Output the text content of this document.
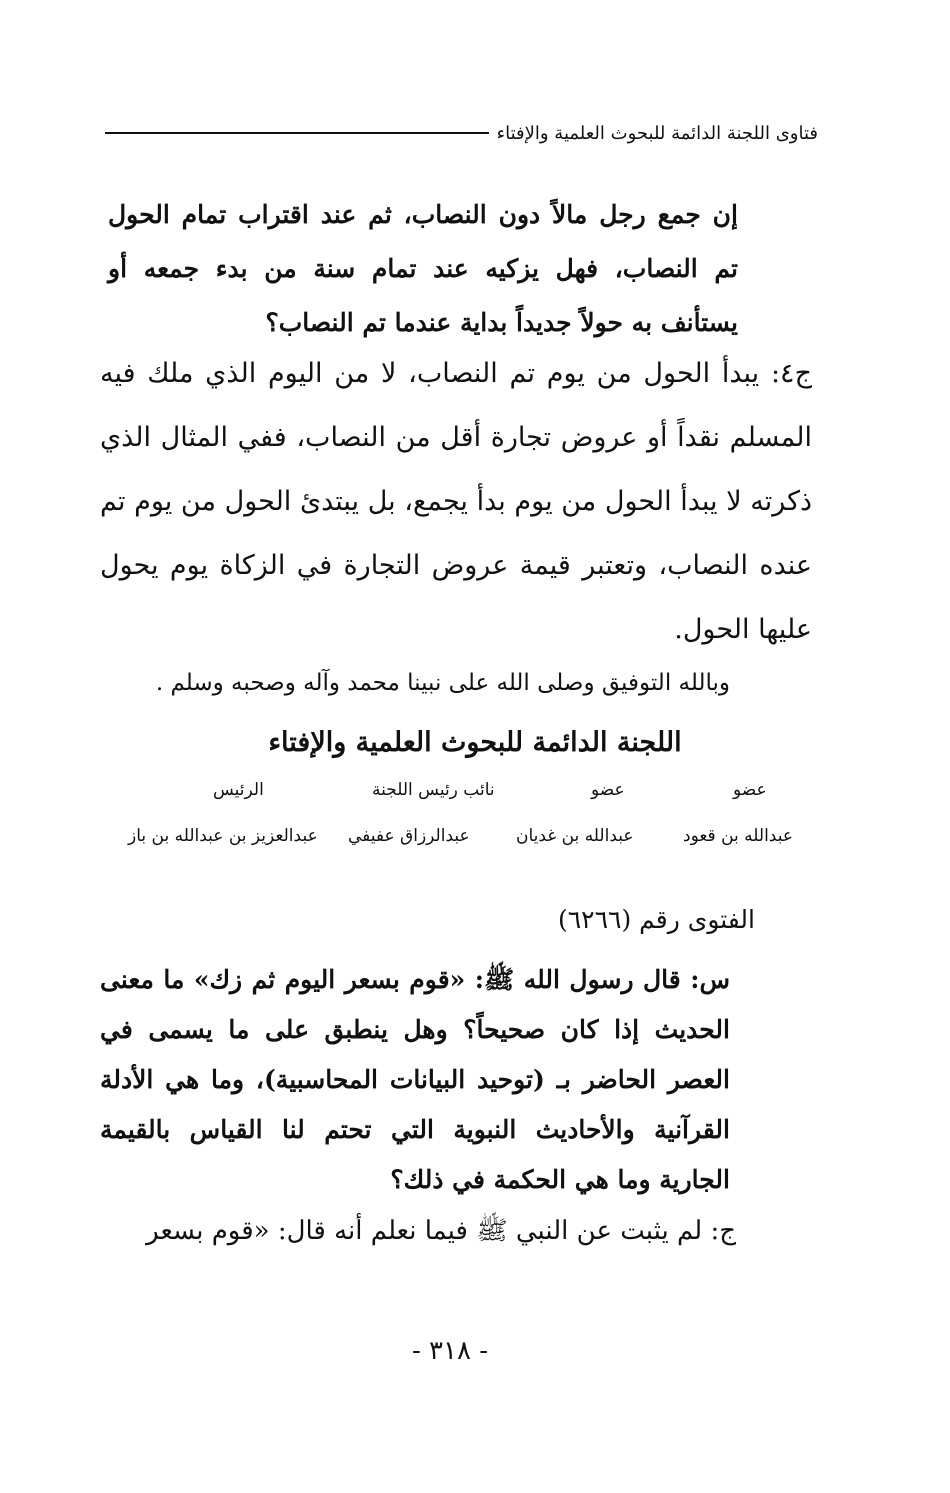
فتاوى اللجنة الدائمة للبحوث العلمية والإفتاء
إن جمع رجل مالاً دون النصاب، ثم عند اقتراب تمام الحول تم النصاب، فهل يزكيه عند تمام سنة من بدء جمعه أو يستأنف به حولاً جديداً بداية عندما تم النصاب؟
ج٤: يبدأ الحول من يوم تم النصاب، لا من اليوم الذي ملك فيه المسلم نقداً أو عروض تجارة أقل من النصاب، ففي المثال الذي ذكرته لا يبدأ الحول من يوم بدأ يجمع، بل يبتدئ الحول من يوم تم عنده النصاب، وتعتبر قيمة عروض التجارة في الزكاة يوم يحول عليها الحول.
وبالله التوفيق وصلى الله على نبينا محمد وآله وصحبه وسلم .
اللجنة الدائمة للبحوث العلمية والإفتاء
عضو
عضو
نائب رئيس اللجنة
الرئيس
عبدالله بن قعود
عبدالله بن غديان
عبدالرزاق عفيفي
عبدالعزيز بن عبدالله بن باز
الفتوى رقم (٦٢٦٦)
س: قال رسول الله ﷺ: «قوم بسعر اليوم ثم زك» ما معنى الحديث إذا كان صحيحاً؟ وهل ينطبق على ما يسمى في العصر الحاضر بـ (توحيد البيانات المحاسبية)، وما هي الأدلة القرآنية والأحاديث النبوية التي تحتم لنا القياس بالقيمة الجارية وما هي الحكمة في ذلك؟
ج: لم يثبت عن النبي ﷺ فيما نعلم أنه قال: «قوم بسعر
- ٣١٨ -
